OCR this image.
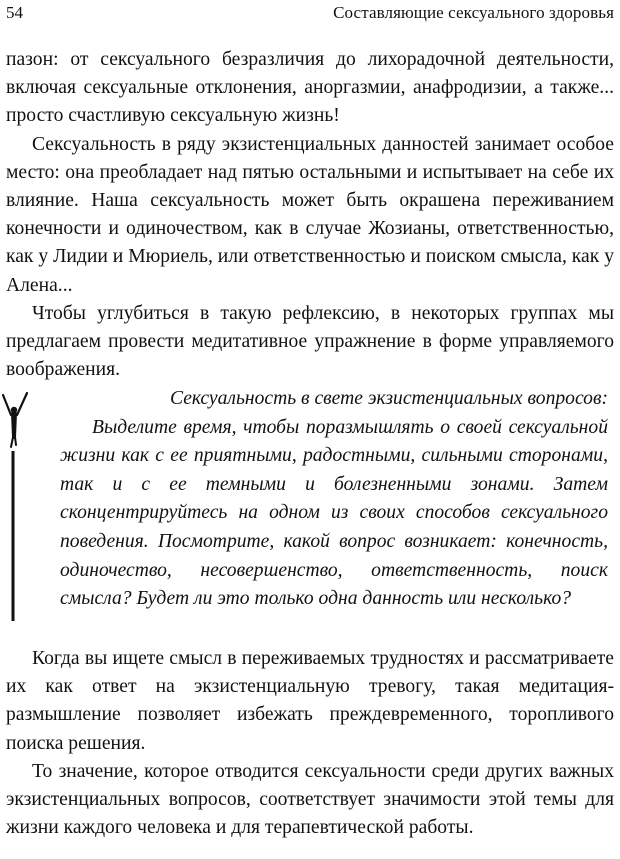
54	Составляющие сексуального здоровья

пазон: от сексуального безразличия до лихорадочной деятельности, включая сексуальные отклонения, аноргазмии, анафродизии, а также... просто счастливую сексуальную жизнь!

Сексуальность в ряду экзистенциальных данностей занимает особое место: она преобладает над пятью остальными и испытывает на себе их влияние. Наша сексуальность может быть окрашена переживанием конечности и одиночеством, как в случае Жозианы, ответственностью, как у Лидии и Мюриель, или ответственностью и поиском смысла, как у Алена...

Чтобы углубиться в такую рефлексию, в некоторых группах мы предлагаем провести медитативное упражнение в форме управляемого воображения.

Сексуальность в свете экзистенциальных вопросов:

Выделите время, чтобы поразмышлять о своей сексуальной жизни как с ее приятными, радостными, сильными сторонами, так и с ее темными и болезненными зонами. Затем сконцентрируйтесь на одном из своих способов сексуального поведения. Посмотрите, какой вопрос возникает: конечность, одиночество, несовершенство, ответственность, поиск смысла? Будет ли это только одна данность или несколько?

Когда вы ищете смысл в переживаемых трудностях и рассматриваете их как ответ на экзистенциальную тревогу, такая медитация-размышление позволяет избежать преждевременного, торопливого поиска решения.

То значение, которое отводится сексуальности среди других важных экзистенциальных вопросов, соответствует значимости этой темы для жизни каждого человека и для терапевтической работы.
